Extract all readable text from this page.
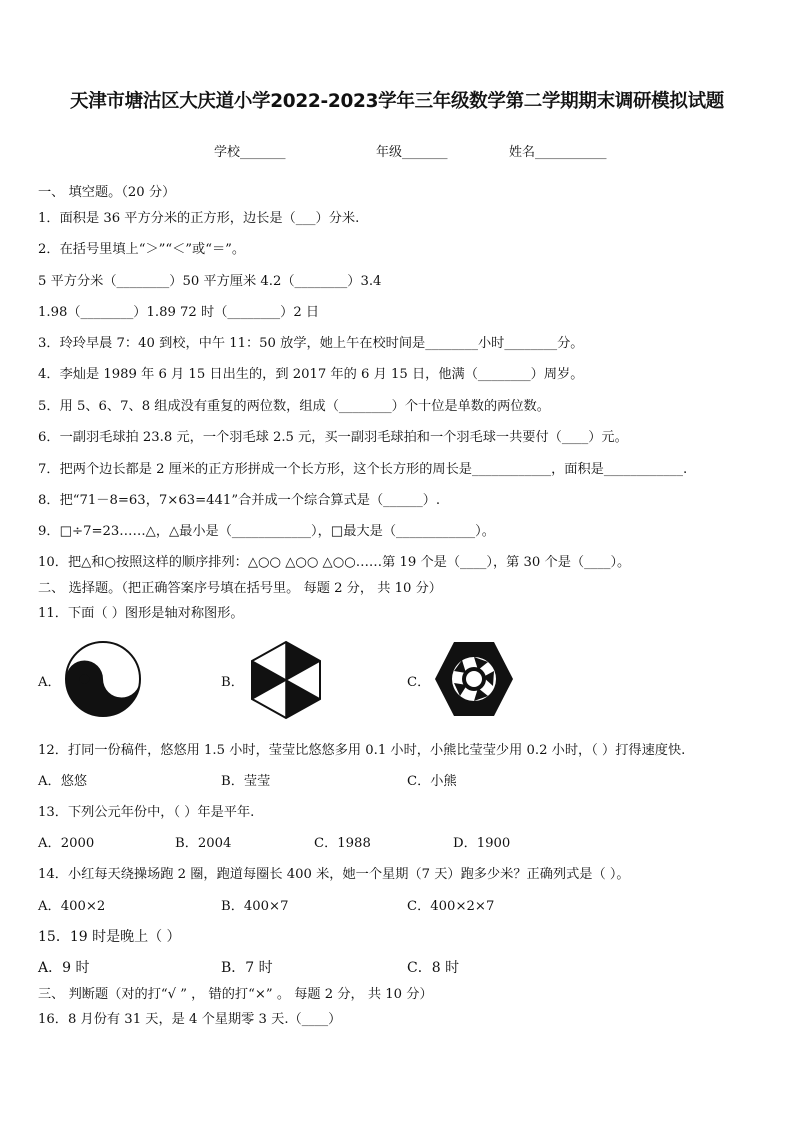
天津市塘沽区大庆道小学2022-2023学年三年级数学第二学期期末调研模拟试题
学校_______	年级_______	姓名___________
一、 填空题。（20 分）
1．面积是 36 平方分米的正方形，边长是（___）分米.
2．在括号里填上“＞”“＜”或“＝”。
5 平方分米（________）50 平方厘米 4.2（________）3.4
1.98（________）1.89 72 时（________）2 日
3．玲玲早晨 7：40 到校，中午 11：50 放学，她上午在校时间是________小时________分。
4．李灿是 1989 年 6 月 15 日出生的，到 2017 年的 6 月 15 日，他满（________）周岁。
5．用 5、6、7、8 组成没有重复的两位数，组成（________）个十位是单数的两位数。
6．一副羽毛球拍 23.8 元，一个羽毛球 2.5 元，买一副羽毛球拍和一个羽毛球一共要付（____）元。
7．把两个边长都是 2 厘米的正方形拼成一个长方形，这个长方形的周长是____________，面积是____________.
8．把“71－8=63，7×63=441”合并成一个综合算式是（______）.
9．□÷7=23……△，△最小是（____________），□最大是（____________）。
10．把△和○按照这样的顺序排列：△○○ △○○ △○○……第 19 个是（____），第 30 个是（____）。
二、 选择题。（把正确答案序号填在括号里。 每题 2 分， 共 10 分）
11．下面（ ）图形是轴对称图形。
A．	B．	C．
12．打同一份稿件，悠悠用 1.5 小时，莹莹比悠悠多用 0.1 小时，小熊比莹莹少用 0.2 小时，（ ）打得速度快.
A．悠悠	B．莹莹	C．小熊
13．下列公元年份中，（ ）年是平年.
A．2000	B．2004	C．1988	D．1900
14．小红每天绕操场跑 2 圈，跑道每圈长 400 米，她一个星期（7 天）跑多少米？正确列式是（ ）。
A．400×2	B．400×7	C．400×2×7
15．19 时是晚上（ ）
A．9 时	B．7 时	C．8 时
三、 判断题（对的打“√ ” ， 错的打“×” 。 每题 2 分， 共 10 分）
16．8 月份有 31 天，是 4 个星期零 3 天.（____）
